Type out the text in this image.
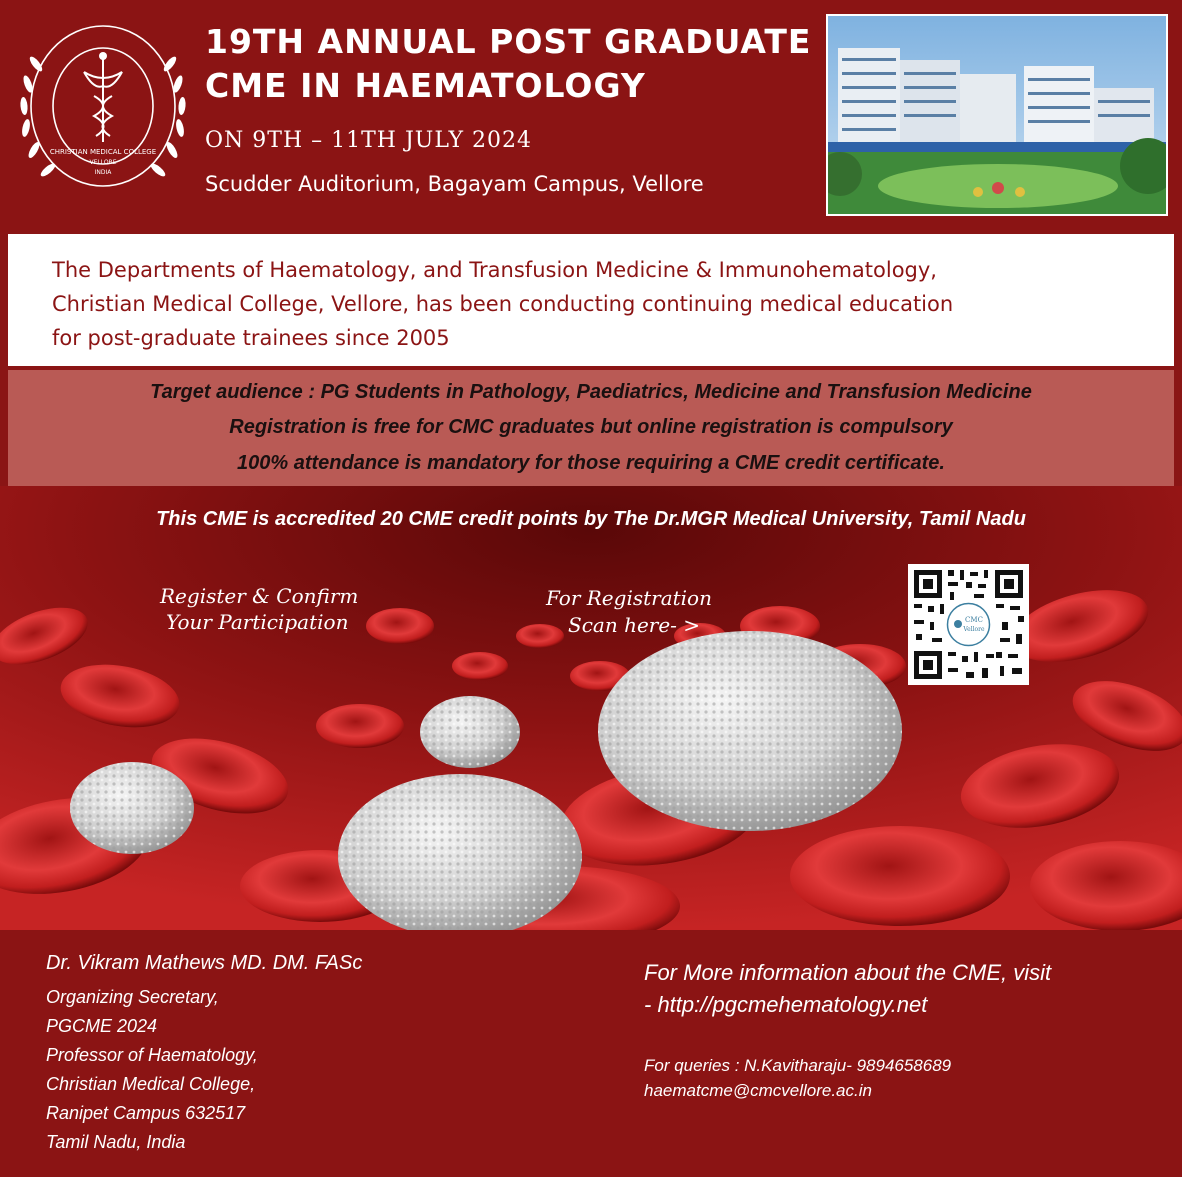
CHRISTIAN MEDICAL COLLEGE
VELLORE
INDIA
19TH ANNUAL POST GRADUATE
CME IN HAEMATOLOGY
ON 9TH – 11TH JULY 2024
Scudder Auditorium, Bagayam Campus, Vellore
The Departments of Haematology, and Transfusion Medicine & Immunohematology,
Christian Medical College, Vellore, has been conducting continuing medical education
for post-graduate trainees since 2005
Target audience : PG Students in Pathology, Paediatrics, Medicine and Transfusion Medicine
Registration is free for CMC graduates but online registration is compulsory
100% attendance is mandatory for those requiring a CME credit certificate.
This CME is accredited 20 CME credit points by The Dr.MGR Medical University, Tamil Nadu
Register & Confirm
Your Participation
For Registration
Scan here- >	CMC
Vellore
Dr. Vikram Mathews MD. DM. FASc
Organizing Secretary,
PGCME 2024
Professor of Haematology,
Christian Medical College,
Ranipet Campus 632517
Tamil Nadu, India
For More information about the CME, visit
- http://pgcmehematology.net
For queries : N.Kavitharaju- 9894658689
haematcme@cmcvellore.ac.in
